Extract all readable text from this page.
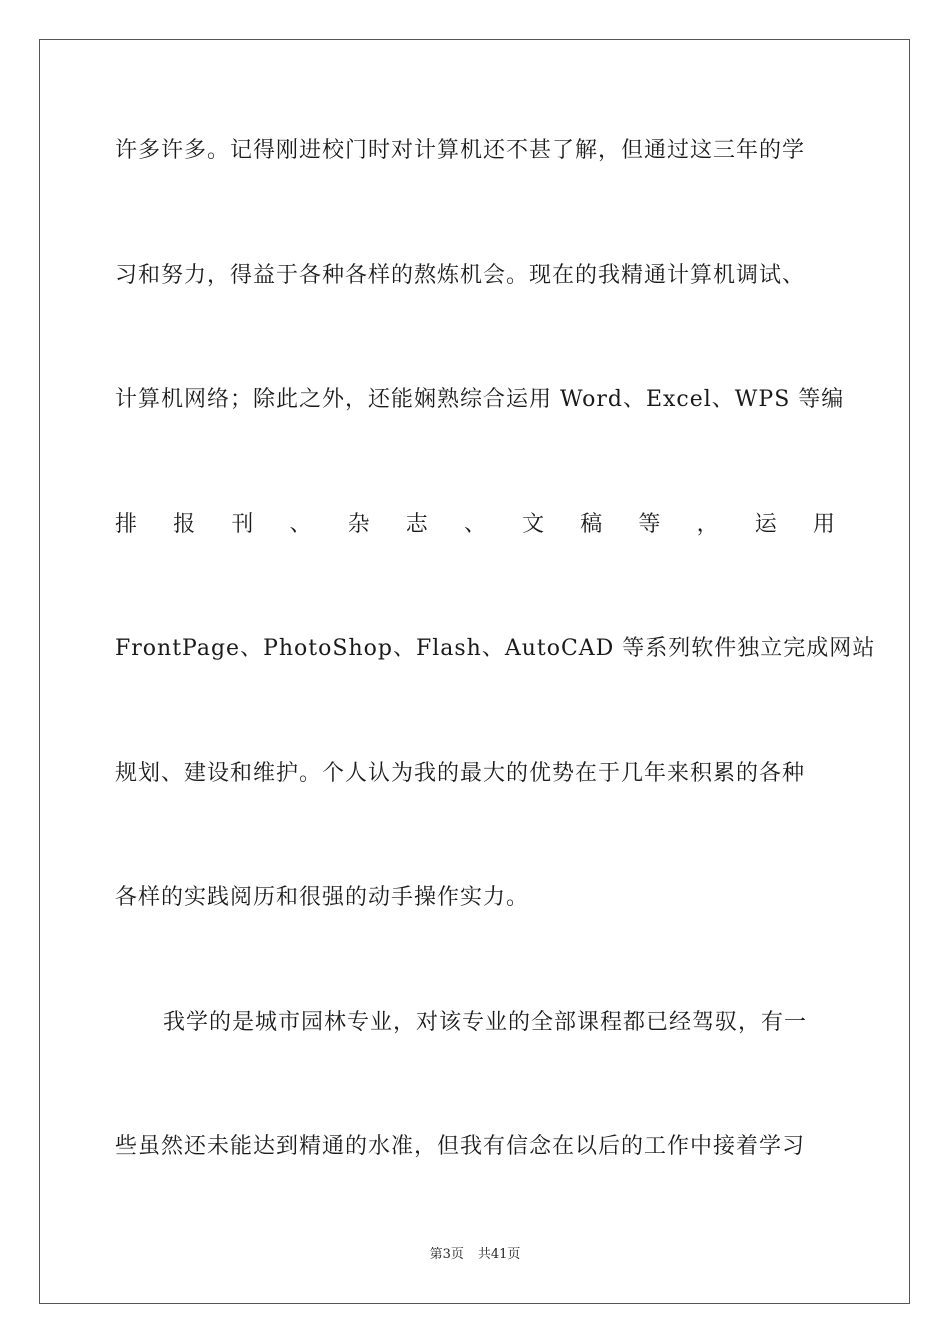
许多许多。记得刚进校门时对计算机还不甚了解，但通过这三年的学
习和努力，得益于各种各样的熬炼机会。现在的我精通计算机调试、
计算机网络；除此之外，还能娴熟综合运用 Word、Excel、WPS 等编
排 报 刊 、 杂 志 、 文 稿 等 ， 运 用
FrontPage、PhotoShop、Flash、AutoCAD 等系列软件独立完成网站
规划、建设和维护。个人认为我的最大的优势在于几年来积累的各种
各样的实践阅历和很强的动手操作实力。
我学的是城市园林专业，对该专业的全部课程都已经驾驭，有一
些虽然还未能达到精通的水准，但我有信念在以后的工作中接着学习
第3页 共41页
